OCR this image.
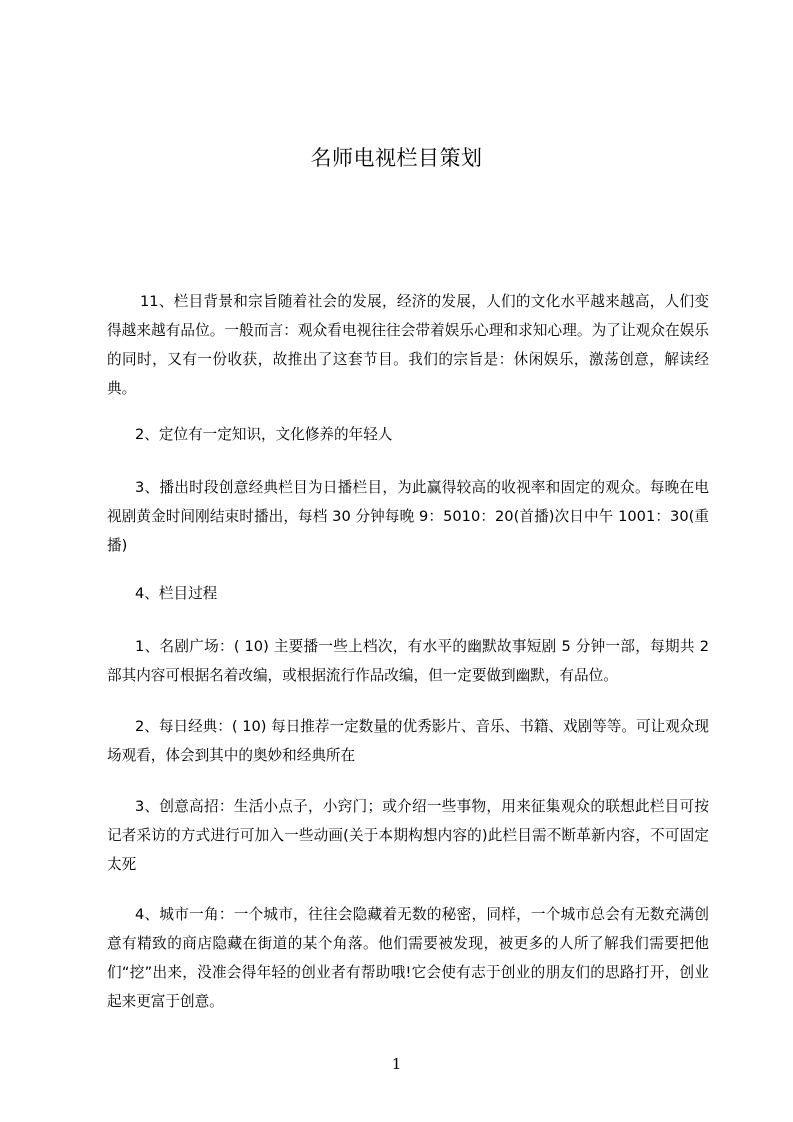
名师电视栏目策划

11、栏目背景和宗旨随着社会的发展，经济的发展，人们的文化水平越来越高，人们变得越来越有品位。一般而言：观众看电视往往会带着娱乐心理和求知心理。为了让观众在娱乐的同时，又有一份收获，故推出了这套节目。我们的宗旨是：休闲娱乐，激荡创意，解读经典。

2、定位有一定知识，文化修养的年轻人

3、播出时段创意经典栏目为日播栏目，为此赢得较高的收视率和固定的观众。每晚在电视剧黄金时间刚结束时播出，每档 30 分钟每晚 9：5010：20(首播)次日中午 1001：30(重播)

4、栏目过程

1、名剧广场：( 10) 主要播一些上档次，有水平的幽默故事短剧 5 分钟一部，每期共 2 部其内容可根据名着改编，或根据流行作品改编，但一定要做到幽默，有品位。

2、每日经典：( 10) 每日推荐一定数量的优秀影片、音乐、书籍、戏剧等等。可让观众现场观看，体会到其中的奥妙和经典所在

3、创意高招：生活小点子，小窍门；或介绍一些事物，用来征集观众的联想此栏目可按记者采访的方式进行可加入一些动画(关于本期构想内容的)此栏目需不断革新内容，不可固定太死

4、城市一角：一个城市，往往会隐藏着无数的秘密，同样，一个城市总会有无数充满创意有精致的商店隐藏在街道的某个角落。他们需要被发现，被更多的人所了解我们需要把他们“挖”出来，没准会得年轻的创业者有帮助哦!它会使有志于创业的朋友们的思路打开，创业起来更富于创意。

1
